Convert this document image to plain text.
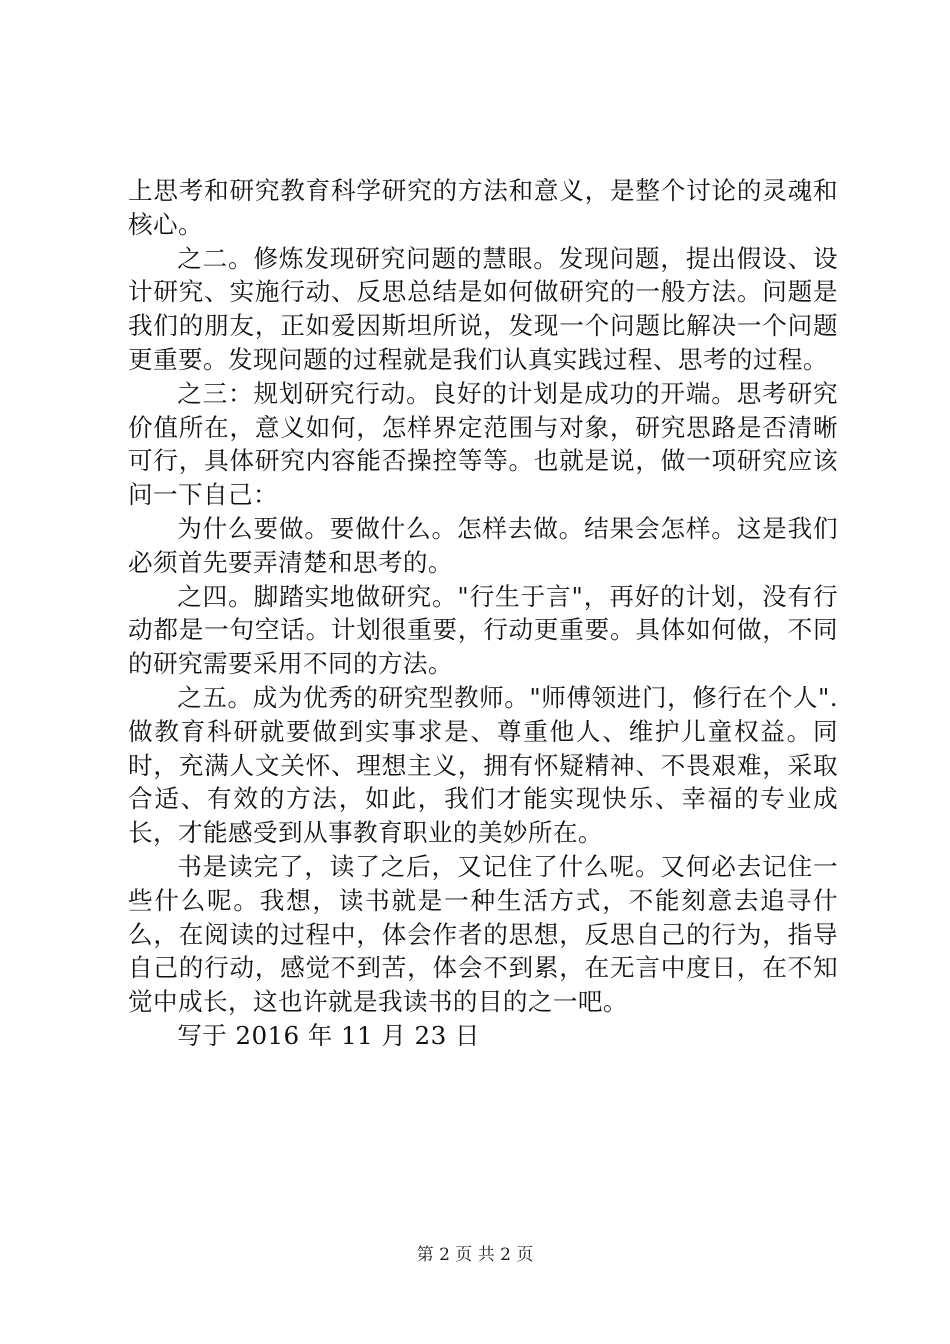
上思考和研究教育科学研究的方法和意义，是整个讨论的灵魂和核心。

之二。修炼发现研究问题的慧眼。发现问题，提出假设、设计研究、实施行动、反思总结是如何做研究的一般方法。问题是我们的朋友，正如爱因斯坦所说，发现一个问题比解决一个问题更重要。发现问题的过程就是我们认真实践过程、思考的过程。

之三：规划研究行动。良好的计划是成功的开端。思考研究价值所在，意义如何，怎样界定范围与对象，研究思路是否清晰可行，具体研究内容能否操控等等。也就是说，做一项研究应该问一下自己：

为什么要做。要做什么。怎样去做。结果会怎样。这是我们必须首先要弄清楚和思考的。

之四。脚踏实地做研究。"行生于言"，再好的计划，没有行动都是一句空话。计划很重要，行动更重要。具体如何做，不同的研究需要采用不同的方法。

之五。成为优秀的研究型教师。"师傅领进门，修行在个人".做教育科研就要做到实事求是、尊重他人、维护儿童权益。同时，充满人文关怀、理想主义，拥有怀疑精神、不畏艰难，采取合适、有效的方法，如此，我们才能实现快乐、幸福的专业成长，才能感受到从事教育职业的美妙所在。

书是读完了，读了之后，又记住了什么呢。又何必去记住一些什么呢。我想，读书就是一种生活方式，不能刻意去追寻什么，在阅读的过程中，体会作者的思想，反思自己的行为，指导自己的行动，感觉不到苦，体会不到累，在无言中度日，在不知觉中成长，这也许就是我读书的目的之一吧。

写于 2016 年 11 月 23 日

第 2 页 共 2 页
